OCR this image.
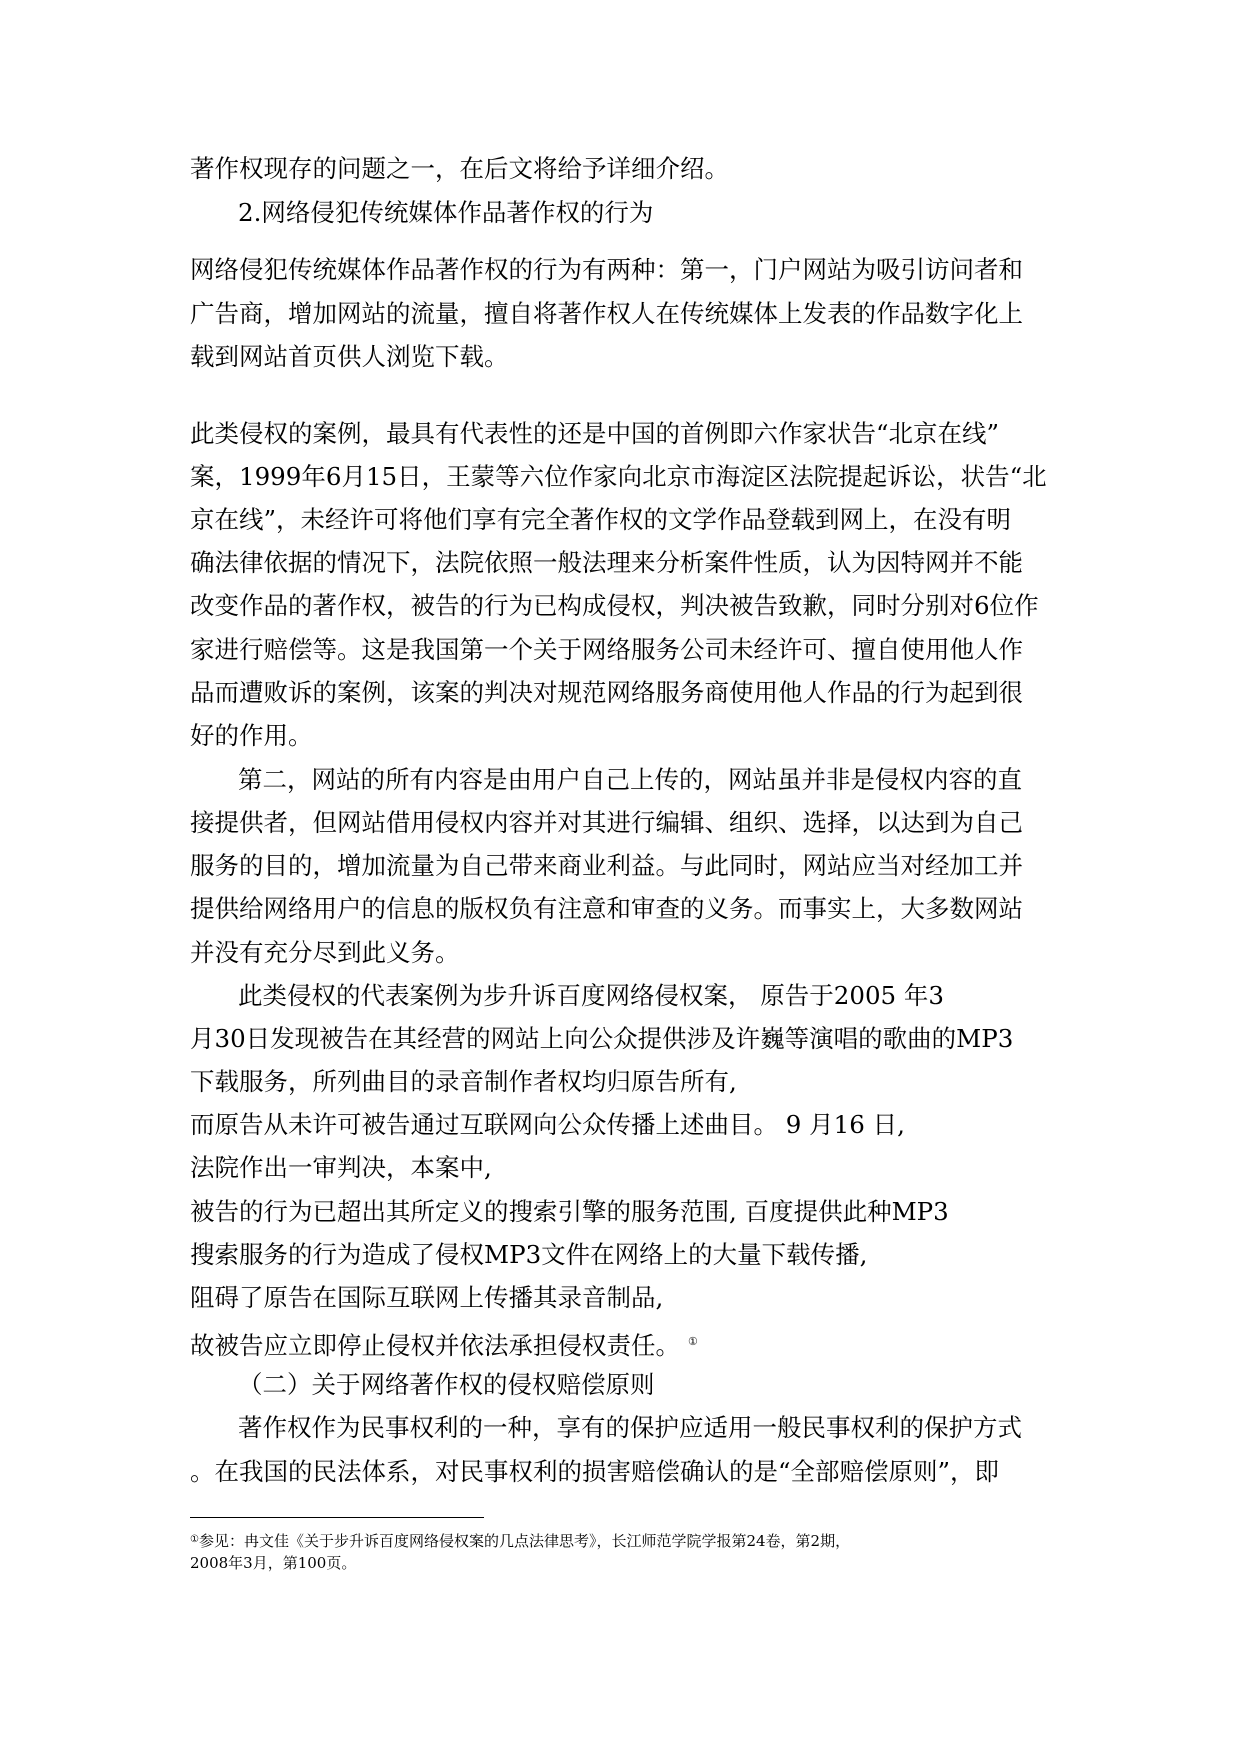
著作权现存的问题之一，在后文将给予详细介绍。
2.网络侵犯传统媒体作品著作权的行为
网络侵犯传统媒体作品著作权的行为有两种：第一，门户网站为吸引访问者和
广告商，增加网站的流量，擅自将著作权人在传统媒体上发表的作品数字化上
载到网站首页供人浏览下载。
此类侵权的案例，最具有代表性的还是中国的首例即六作家状告“北京在线”
案，1999年6月15日，王蒙等六位作家向北京市海淀区法院提起诉讼，状告“北
京在线”，未经许可将他们享有完全著作权的文学作品登载到网上，在没有明
确法律依据的情况下，法院依照一般法理来分析案件性质，认为因特网并不能
改变作品的著作权，被告的行为已构成侵权，判决被告致歉，同时分别对6位作
家进行赔偿等。这是我国第一个关于网络服务公司未经许可、擅自使用他人作
品而遭败诉的案例，该案的判决对规范网络服务商使用他人作品的行为起到很
好的作用。
第二，网站的所有内容是由用户自己上传的，网站虽并非是侵权内容的直
接提供者，但网站借用侵权内容并对其进行编辑、组织、选择，以达到为自己
服务的目的，增加流量为自己带来商业利益。与此同时，网站应当对经加工并
提供给网络用户的信息的版权负有注意和审查的义务。而事实上，大多数网站
并没有充分尽到此义务。
此类侵权的代表案例为步升诉百度网络侵权案， 原告于2005 年3
月30日发现被告在其经营的网站上向公众提供涉及许巍等演唱的歌曲的MP3
下载服务，所列曲目的录音制作者权均归原告所有,
而原告从未许可被告通过互联网向公众传播上述曲目。 9 月16 日,
法院作出一审判决，本案中,
被告的行为已超出其所定义的搜索引擎的服务范围, 百度提供此种MP3
搜索服务的行为造成了侵权MP3文件在网络上的大量下载传播,
阻碍了原告在国际互联网上传播其录音制品,
故被告应立即停止侵权并依法承担侵权责任。 ①
（二）关于网络著作权的侵权赔偿原则
著作权作为民事权利的一种，享有的保护应适用一般民事权利的保护方式
。在我国的民法体系，对民事权利的损害赔偿确认的是“全部赔偿原则”，即
①参见：冉文佳《关于步升诉百度网络侵权案的几点法律思考》，长江师范学院学报第24卷，第2期，
2008年3月，第100页。
